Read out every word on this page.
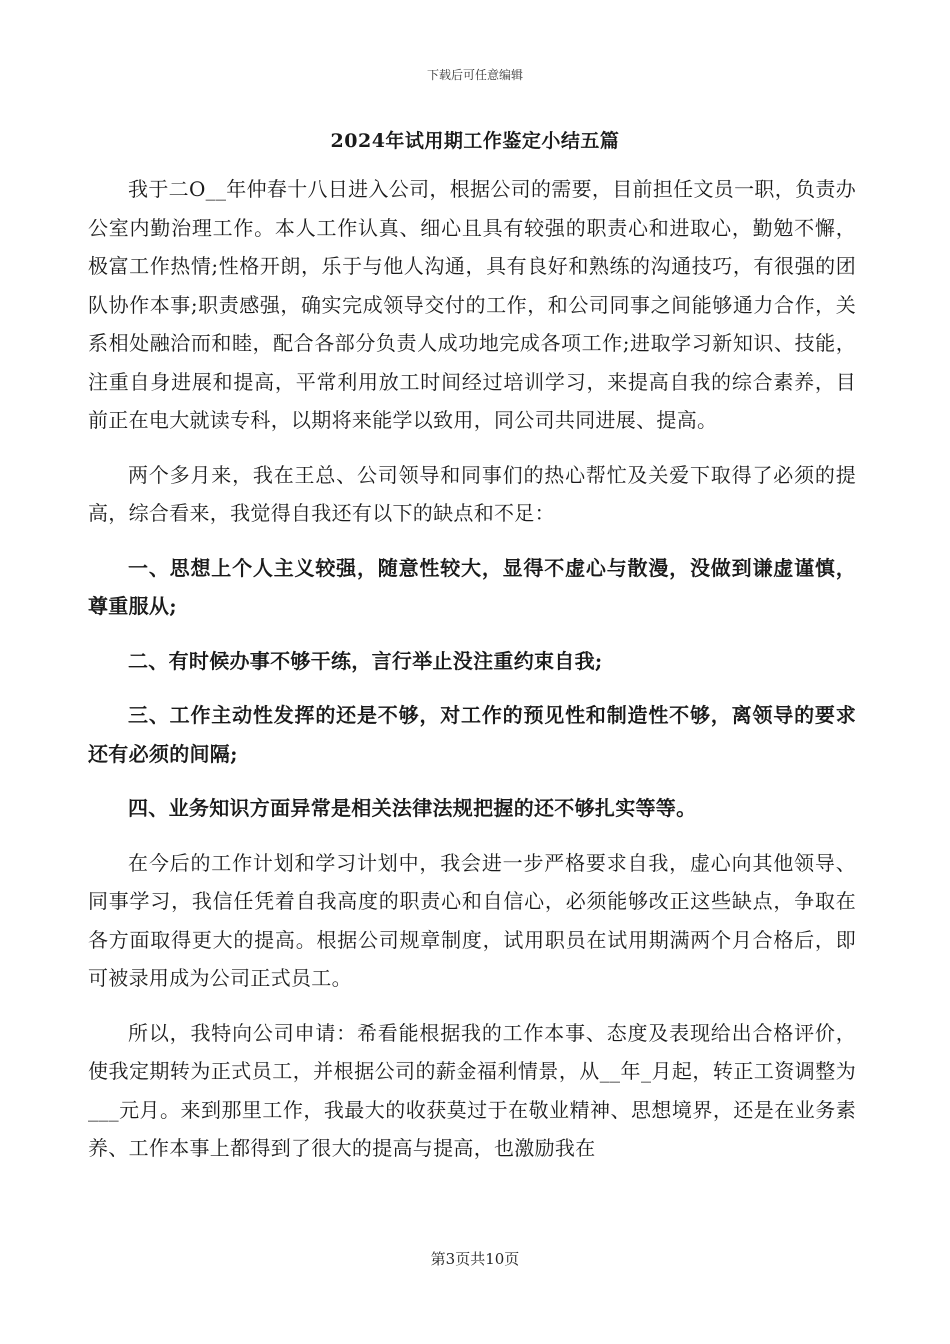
下载后可任意编辑
2024年试用期工作鉴定小结五篇

我于二O__年仲春十八日进入公司，根据公司的需要，目前担任文员一职，负责办公室内勤治理工作。本人工作认真、细心且具有较强的职责心和进取心，勤勉不懈，极富工作热情;性格开朗，乐于与他人沟通，具有良好和熟练的沟通技巧，有很强的团队协作本事;职责感强，确实完成领导交付的工作，和公司同事之间能够通力合作，关系相处融洽而和睦，配合各部分负责人成功地完成各项工作;进取学习新知识、技能，注重自身进展和提高，平常利用放工时间经过培训学习，来提高自我的综合素养，目前正在电大就读专科，以期将来能学以致用，同公司共同进展、提高。

两个多月来，我在王总、公司领导和同事们的热心帮忙及关爱下取得了必须的提高，综合看来，我觉得自我还有以下的缺点和不足：

一、思想上个人主义较强，随意性较大，显得不虚心与散漫，没做到谦虚谨慎，尊重服从;

二、有时候办事不够干练，言行举止没注重约束自我;

三、工作主动性发挥的还是不够，对工作的预见性和制造性不够，离领导的要求还有必须的间隔;

四、业务知识方面异常是相关法律法规把握的还不够扎实等等。

在今后的工作计划和学习计划中，我会进一步严格要求自我，虚心向其他领导、同事学习，我信任凭着自我高度的职责心和自信心，必须能够改正这些缺点，争取在各方面取得更大的提高。根据公司规章制度，试用职员在试用期满两个月合格后，即可被录用成为公司正式员工。

所以，我特向公司申请：希看能根据我的工作本事、态度及表现给出合格评价，使我定期转为正式员工，并根据公司的薪金福利情景，从__年_月起，转正工资调整为___元月。来到那里工作，我最大的收获莫过于在敬业精神、思想境界，还是在业务素养、工作本事上都得到了很大的提高与提高，也激励我在

第3页共10页
